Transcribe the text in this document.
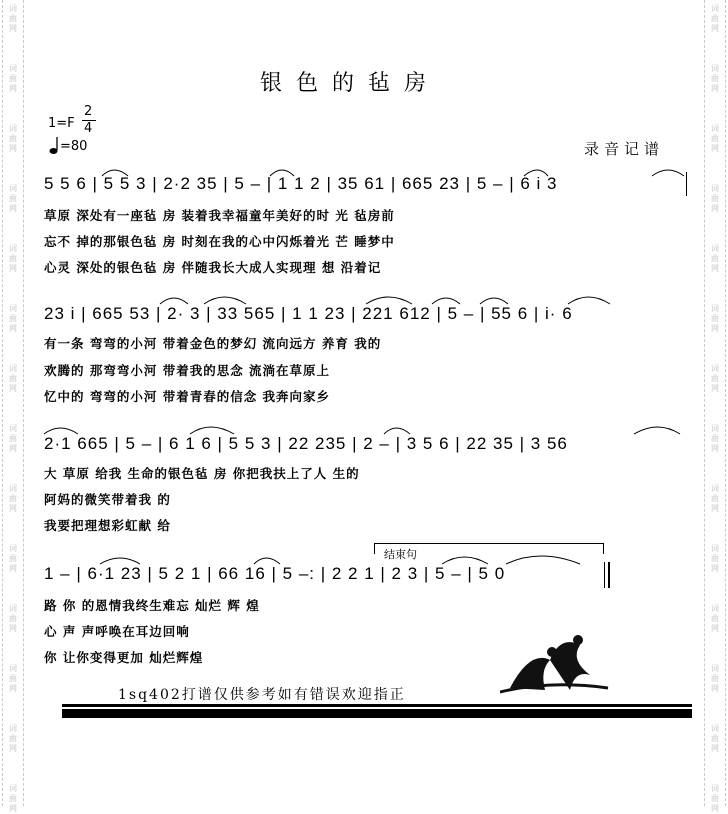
词
曲
网
词
曲
网
词
曲
网
词
曲
网
词
曲
网
词
曲
网
词
曲
网
词
曲
网
词
曲
网
词
曲
网
词
曲
网
词
曲
网
词
曲
网
词
曲
网
词
曲
网
词
曲
网
词
曲
网
词
曲
网
词
曲
网
词
曲
网
词
曲
网
词
曲
网
词
曲
网
词
曲
网
词
曲
网
词
曲
网
词
曲
网
词
曲
网
银色的毡房
1=F
2
4
=80	录音记谱
5 5 6 | 5 5 3 | 2·2 35 | 5 – | 1 1 2 | 35 61 | 665 23 | 5 – | 6 i 3
草原 深处有一座毡 房 装着我幸福童年美好的时 光 毡房前
忘不 掉的那银色毡 房 时刻在我的心中闪烁着光 芒 睡梦中
心灵 深处的银色毡 房 伴随我长大成人实现理 想 沿着记
23 i | 665 53 | 2· 3 | 33 565 | 1 1 23 | 221 612 | 5 – | 55 6 | i· 6
有一条 弯弯的小河 带着金色的梦幻 流向远方 养育 我的
欢腾的 那弯弯小河 带着我的思念 流淌在草原上
忆中的 弯弯的小河 带着青春的信念 我奔向家乡
2·1 665 | 5 – | 6 1 6 | 5 5 3 | 22 235 | 2 – | 3 5 6 | 22 35 | 3 56
大 草原 给我 生命的银色毡 房 你把我扶上了人 生的
阿妈的微笑带着我 的
我要把理想彩虹献 给
结束句
1 – | 6·1 23 | 5 2 1 | 66 16 | 5 –: | 2 2 1 | 2 3 | 5 – | 5 0
路 你 的恩情我终生难忘 灿烂 辉 煌
心 声 声呼唤在耳边回响
你 让你变得更加 灿烂辉煌
1sq402打谱仅供参考如有错误欢迎指正
